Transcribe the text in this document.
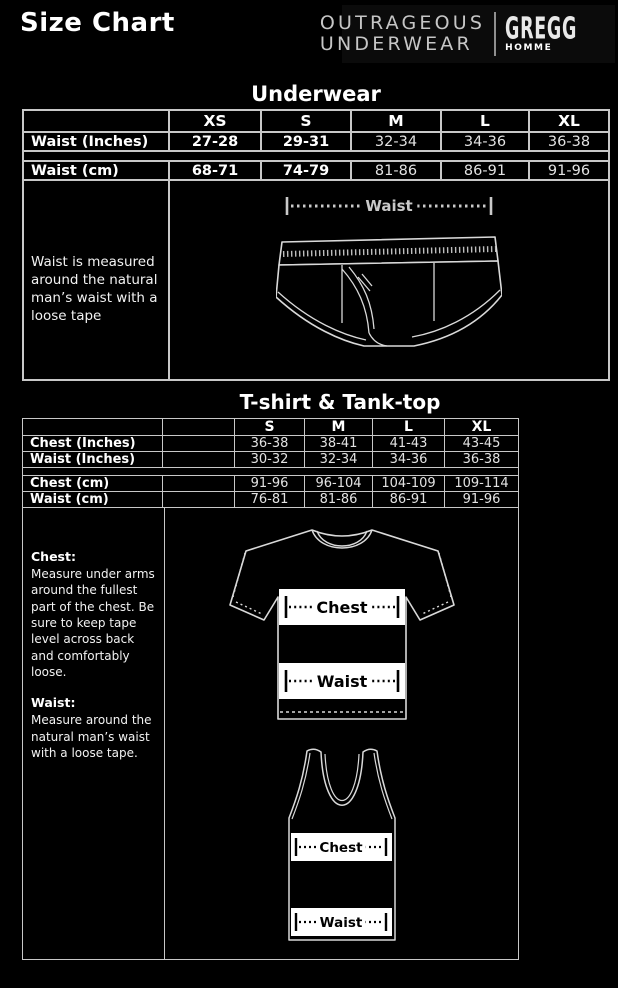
Size Chart	OUTRAGEOUS
UNDERWEAR	GREGG
HOMME
Underwear
	XS	S	M	L	XL
Waist (Inches)	27-28	29-31	32-34	34-36	36-38

Waist (cm)	68-71	74-79	81-86	86-91	91-96
Waist is measured around the natural man’s waist with a loose tape
Waist
T-shirt & Tank-top
		S	M	L	XL
Chest (Inches)		36-38	38-41	41-43	43-45
Waist (Inches)		30-32	32-34	34-36	36-38

Chest (cm)		91-96	96-104	104-109	109-114
Waist (cm)		76-81	81-86	86-91	91-96
Chest:
Measure under arms around the fullest part of the chest. Be sure to keep tape level across back and comfortably loose.
Waist:
Measure around the natural man’s waist with a loose tape.
Chest
Waist
Chest
Waist
